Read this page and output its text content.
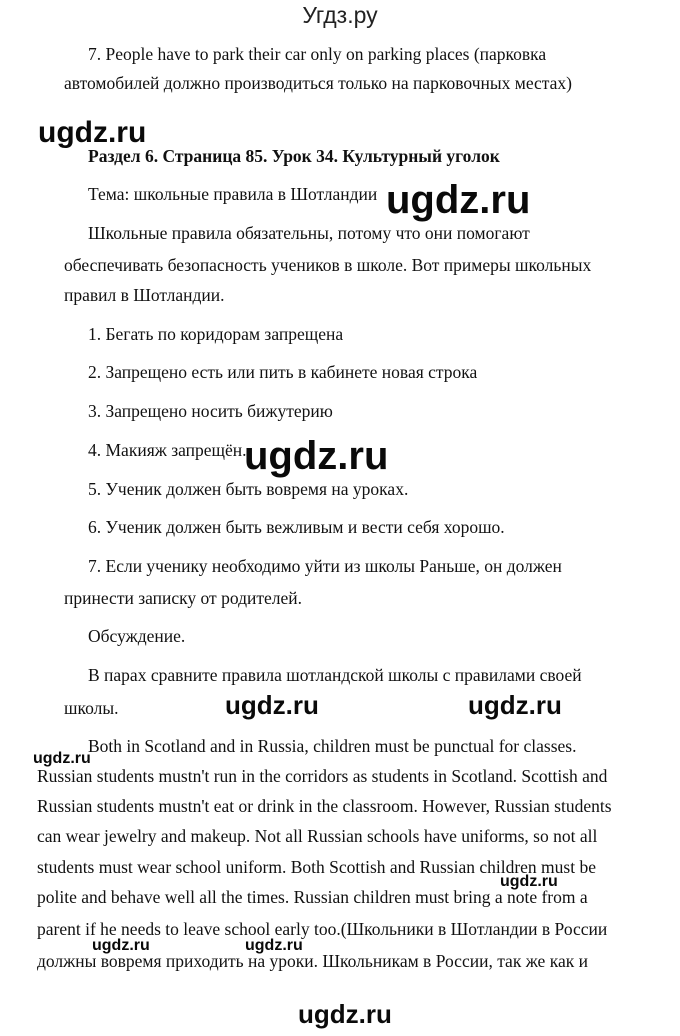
Угдз.ру
7. People have to park their car only on parking places (парковка
автомобилей должно производиться только на парковочных местах)
Раздел 6. Страница 85. Урок 34. Культурный уголок
Тема: школьные правила в Шотландии
Школьные правила обязательны, потому что они помогают
обеспечивать безопасность учеников в школе. Вот примеры школьных
правил в Шотландии.
1. Бегать по коридорам запрещена
2. Запрещено есть или пить в кабинете новая строка
3. Запрещено носить бижутерию
4. Макияж запрещён.
5. Ученик должен быть вовремя на уроках.
6. Ученик должен быть вежливым и вести себя хорошо.
7. Если ученику необходимо уйти из школы Раньше, он должен
принести записку от родителей.
Обсуждение.
В парах сравните правила шотландской школы с правилами своей
школы.
Both in Scotland and in Russia, children must be punctual for classes.
Russian students mustn't run in the corridors as students in Scotland. Scottish and
Russian students mustn't eat or drink in the classroom. However, Russian students
can wear jewelry and makeup. Not all Russian schools have uniforms, so not all
students must wear school uniform. Both Scottish and Russian children must be
polite and behave well all the times. Russian children must bring a note from a
parent if he needs to leave school early too.(Школьники в Шотландии в России
должны вовремя приходить на уроки. Школьникам в России, так же как и
ugdz.ru
ugdz.ru
ugdz.ru
ugdz.ru	ugdz.ru
ugdz.ru
ugdz.ru
ugdz.ru	ugdz.ru
ugdz.ru
